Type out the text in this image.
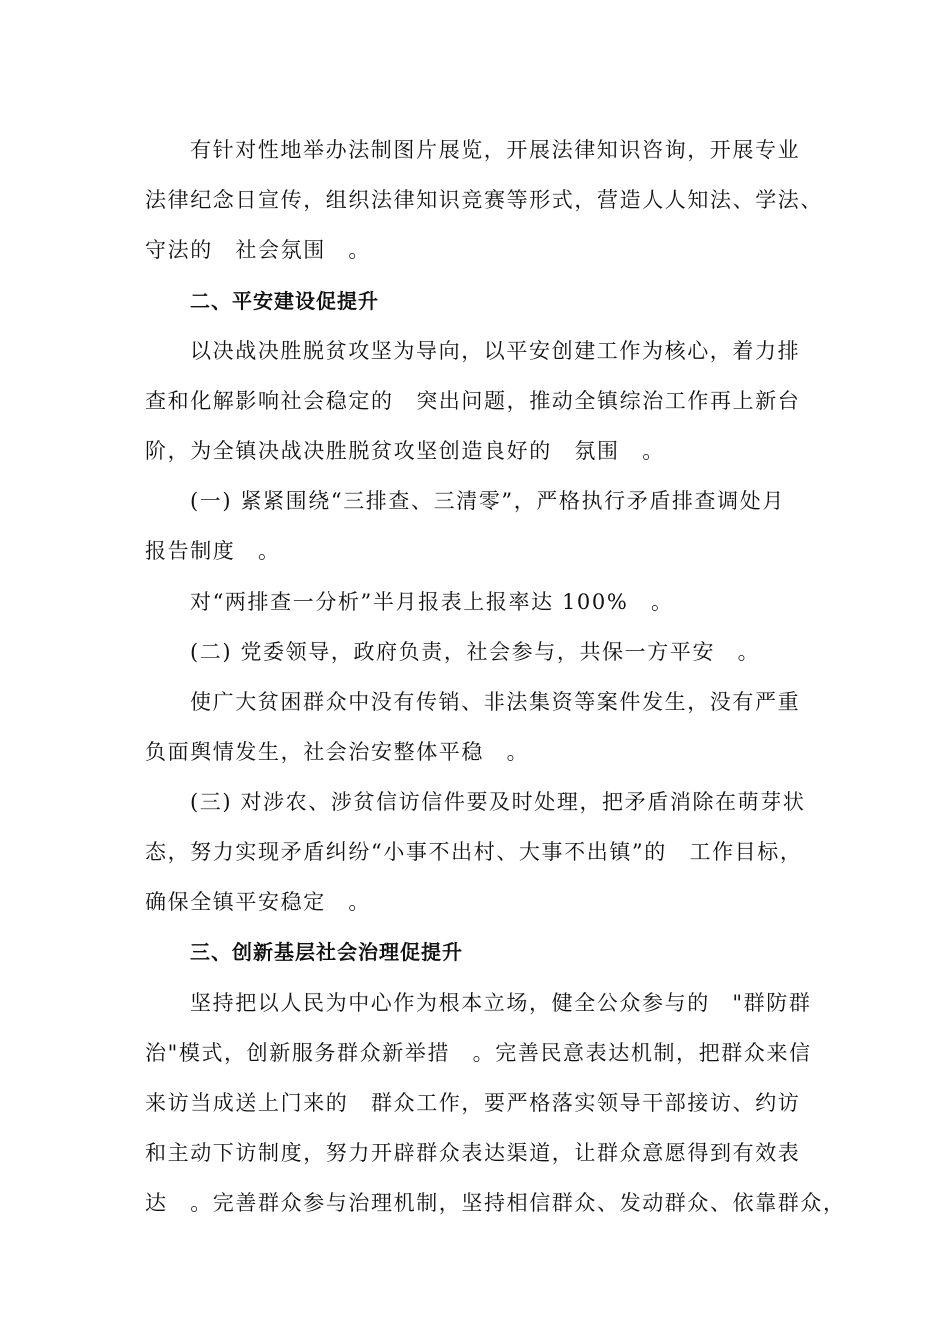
有针对性地举办法制图片展览，开展法律知识咨询，开展专业
法律纪念日宣传，组织法律知识竞赛等形式，营造人人知法、学法、
守法的　社会氛围　。
二、平安建设促提升
以决战决胜脱贫攻坚为导向，以平安创建工作为核心，着力排
查和化解影响社会稳定的　突出问题，推动全镇综治工作再上新台
阶，为全镇决战决胜脱贫攻坚创造良好的　氛围　。
(一) 紧紧围绕“三排查、三清零”，严格执行矛盾排查调处月
报告制度　。
对“两排查一分析”半月报表上报率达 100%　。
(二) 党委领导，政府负责，社会参与，共保一方平安　。
使广大贫困群众中没有传销、非法集资等案件发生，没有严重
负面舆情发生，社会治安整体平稳　。
(三) 对涉农、涉贫信访信件要及时处理，把矛盾消除在萌芽状
态，努力实现矛盾纠纷“小事不出村、大事不出镇”的　工作目标，
确保全镇平安稳定　。
三、创新基层社会治理促提升
坚持把以人民为中心作为根本立场，健全公众参与的　"群防群
治"模式，创新服务群众新举措　。完善民意表达机制，把群众来信
来访当成送上门来的　群众工作，要严格落实领导干部接访、约访
和主动下访制度，努力开辟群众表达渠道，让群众意愿得到有效表
达　。完善群众参与治理机制，坚持相信群众、发动群众、依靠群众，
